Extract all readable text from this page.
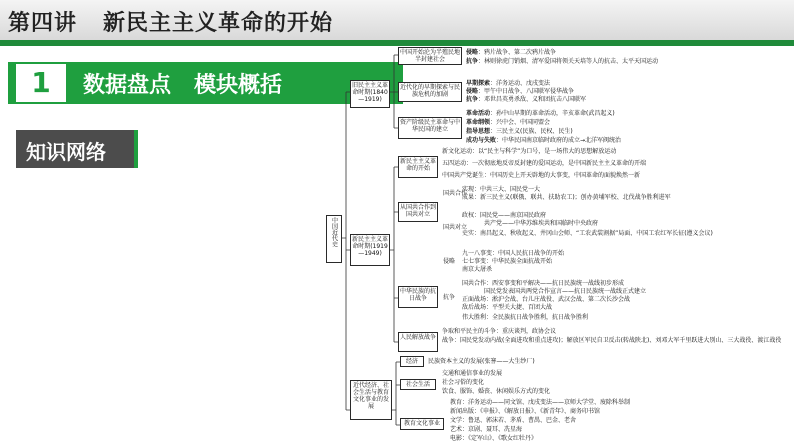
第四讲   新民主主义革命的开始
1	数据盘点   模块概括
知识网络
中国近代史
旧民主主义革命时期(1840—1919)
中国开始沦为半殖民地半封建社会
近代化的早期探索与民族危机的加剧
资产阶级民主革命与中华民国的建立
侵略：鸦片战争、第二次鸦片战争
抗争：林则徐虎门销烟、清军爱国将领关天培等人的抗击、太平天国运动
早期探索：洋务运动、戊戌变法
侵略：甲午中日战争、八国联军侵华战争
抗争：邓世昌英勇杀敌、义和团抗击八国联军
革命活动：孙中山早期的革命活动，辛亥革命(武昌起义)
革命纲领：兴中会、中国同盟会
指导思想：三民主义(民族、民权、民生)
成功与失败：中华民国南京临时政府的成立→北洋军阀统治
新民主主义革命时期(1919—1949)
新民主主义革命的开始
新文化运动：以“民主与科学”为口号，是一场伟大的思想解放运动
五四运动：一次彻底地反帝反封建的爱国运动，是中国新民主主义革命的开端
中国共产党诞生：中国历史上开天辟地的大事变，中国革命的面貌焕然一新
从国共合作到国共对立
国共合作
实现：中共三大、国民党一大
成果：新三民主义(联俄、联共、扶助农工)；创办黄埔军校、北伐战争胜利进军
国共对立
政权：国民党——南京国民政府
共产党——中华苏维埃共和国临时中央政府
史实：南昌起义、秋收起义、井冈山会师、“工农武装割据”局面、中国工农红军长征(遵义会议)
中华民族的抗日战争
侵略
九一八事变：中国人民抗日战争的开始
七七事变：中华民族全面抗战开始
南京大屠杀
抗争
国共合作：西安事变和平解决——抗日民族统一战线初步形成
国民党发表国共两党合作宣言——抗日民族统一战线正式建立
正面战场：淞沪会战、台儿庄战役、武汉会战、第二次长沙会战
敌后战场：平型关大捷、百团大战
伟大胜利：全民族抗日战争胜利，抗日战争胜利
人民解放战争
争取和平民主的斗争：重庆谈判，政协会议
战争：国民党发动内战(全面进攻和重点进攻)；解放区军民自卫反击(转战陕北)、刘邓大军千里跃进大别山、三大战役、渡江战役
近代经济、社会生活与教育文化事业的发展
经济	民族资本主义的发展(张謇——大生纱厂)
社会生活
交通和通信事业的发展
社会习俗的变化
饮食、服饰、婚丧、休闲娱乐方式的变化
教育文化事业
教育：洋务运动——同文馆、戊戌变法——京师大学堂、废除科举制
新闻出版：《申报》、《解放日报》、《新青年》、商务印书馆
文学：鲁迅、郭沫若、茅盾、曹禺、巴金、老舍
艺术：京剧、聂耳、冼星海
电影：《定军山》、《歌女红牡丹》
